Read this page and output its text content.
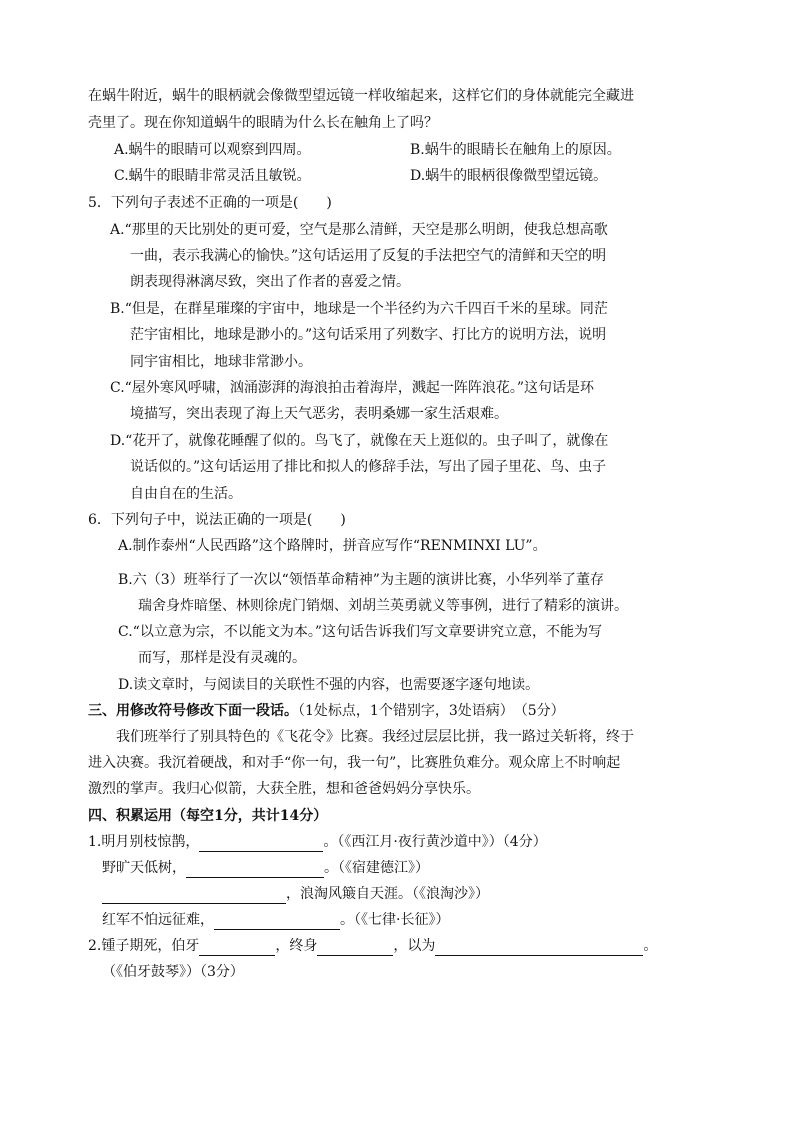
在蜗牛附近，蜗牛的眼柄就会像微型望远镜一样收缩起来，这样它们的身体就能完全藏进
壳里了。现在你知道蜗牛的眼睛为什么长在触角上了吗？
A.蜗牛的眼睛可以观察到四周。	B.蜗牛的眼睛长在触角上的原因。
C.蜗牛的眼睛非常灵活且敏锐。	D.蜗牛的眼柄很像微型望远镜。
5．下列句子表述不正确的一项是(　　)
A.“那里的天比别处的更可爱，空气是那么清鲜，天空是那么明朗，使我总想高歌
一曲，表示我满心的愉快。”这句话运用了反复的手法把空气的清鲜和天空的明
朗表现得淋漓尽致，突出了作者的喜爱之情。
B.“但是，在群星璀璨的宇宙中，地球是一个半径约为六千四百千米的星球。同茫
茫宇宙相比，地球是渺小的。”这句话采用了列数字、打比方的说明方法，说明
同宇宙相比，地球非常渺小。
C.“屋外寒风呼啸，汹涌澎湃的海浪拍击着海岸，溅起一阵阵浪花。”这句话是环
境描写，突出表现了海上天气恶劣，表明桑娜一家生活艰难。
D.“花开了，就像花睡醒了似的。鸟飞了，就像在天上逛似的。虫子叫了，就像在
说话似的。”这句话运用了排比和拟人的修辞手法，写出了园子里花、鸟、虫子
自由自在的生活。
6．下列句子中，说法正确的一项是(　　)
A.制作泰州“人民西路”这个路牌时，拼音应写作“RENMINXI LU”。
B.六（3）班举行了一次以“领悟革命精神”为主题的演讲比赛，小华列举了董存
瑞舍身炸暗堡、林则徐虎门销烟、刘胡兰英勇就义等事例，进行了精彩的演讲。
C.“以立意为宗，不以能文为本。”这句话告诉我们写文章要讲究立意，不能为写
而写，那样是没有灵魂的。
D.读文章时，与阅读目的关联性不强的内容，也需要逐字逐句地读。
三、用修改符号修改下面一段话。（1处标点，1个错别字，3处语病）　（5分）
我们班举行了别具特色的《飞花令》比赛。我经过层层比拼，我一路过关斩将，终于
进入决赛。我沉着硬战，和对手“你一句，我一句”，比赛胜负难分。观众席上不时响起
激烈的掌声。我归心似箭，大获全胜，想和爸爸妈妈分享快乐。
四、积累运用（每空1分，共计14分）
1.明月别枝惊鹊，	。（《西江月·夜行黄沙道中》）（4分）
野旷天低树，	。（《宿建德江》）
，浪淘风簸自天涯。（《浪淘沙》）
红军不怕远征难，	。（《七律·长征》）
2.锺子期死，伯牙	，终身	，以为	。
（《伯牙鼓琴》）（3分）
